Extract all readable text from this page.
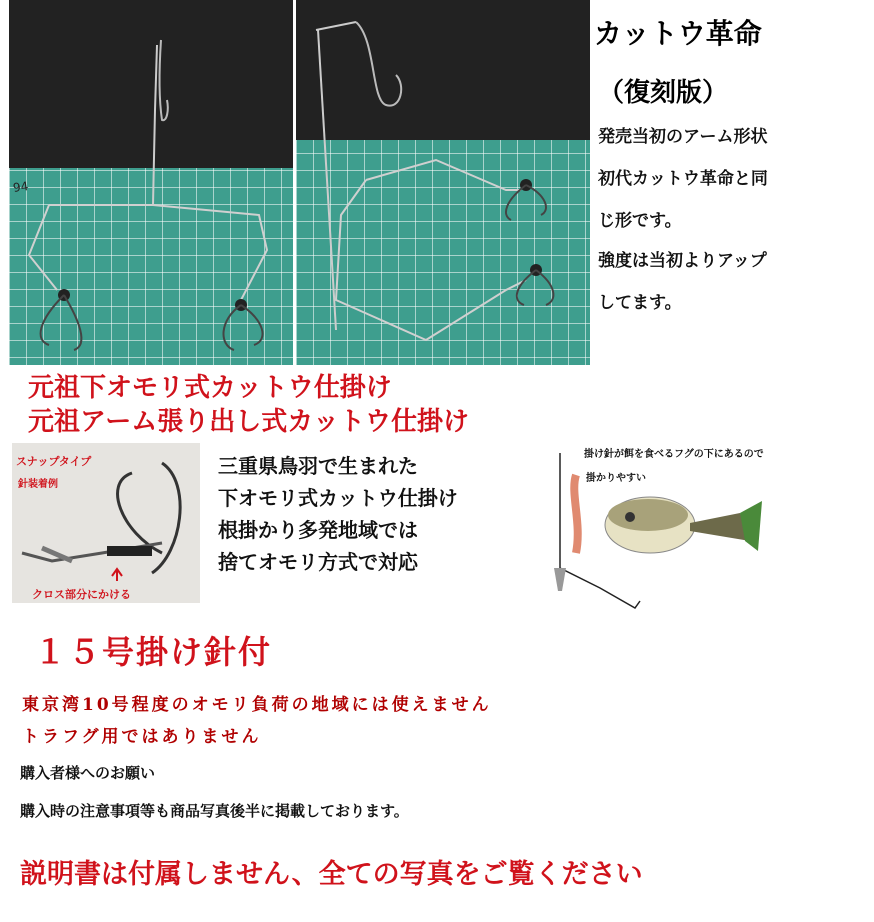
94
カットウ革命
（復刻版）
発売当初のアーム形状
初代カットウ革命と同
じ形です。
強度は当初よりアップ
してます。
元祖下オモリ式カットウ仕掛け
元祖アーム張り出し式カットウ仕掛け
スナップタイプ
針装着例
クロス部分にかける
三重県鳥羽で生まれた
下オモリ式カットウ仕掛け
根掛かり多発地域では
捨てオモリ方式で対応
掛け針が餌を食べるフグの下にあるので
掛かりやすい
１５号掛け針付
東京湾10号程度のオモリ負荷の地域には使えません
トラフグ用ではありません
購入者様へのお願い
購入時の注意事項等も商品写真後半に掲載しております。
説明書は付属しません、全ての写真をご覧ください
